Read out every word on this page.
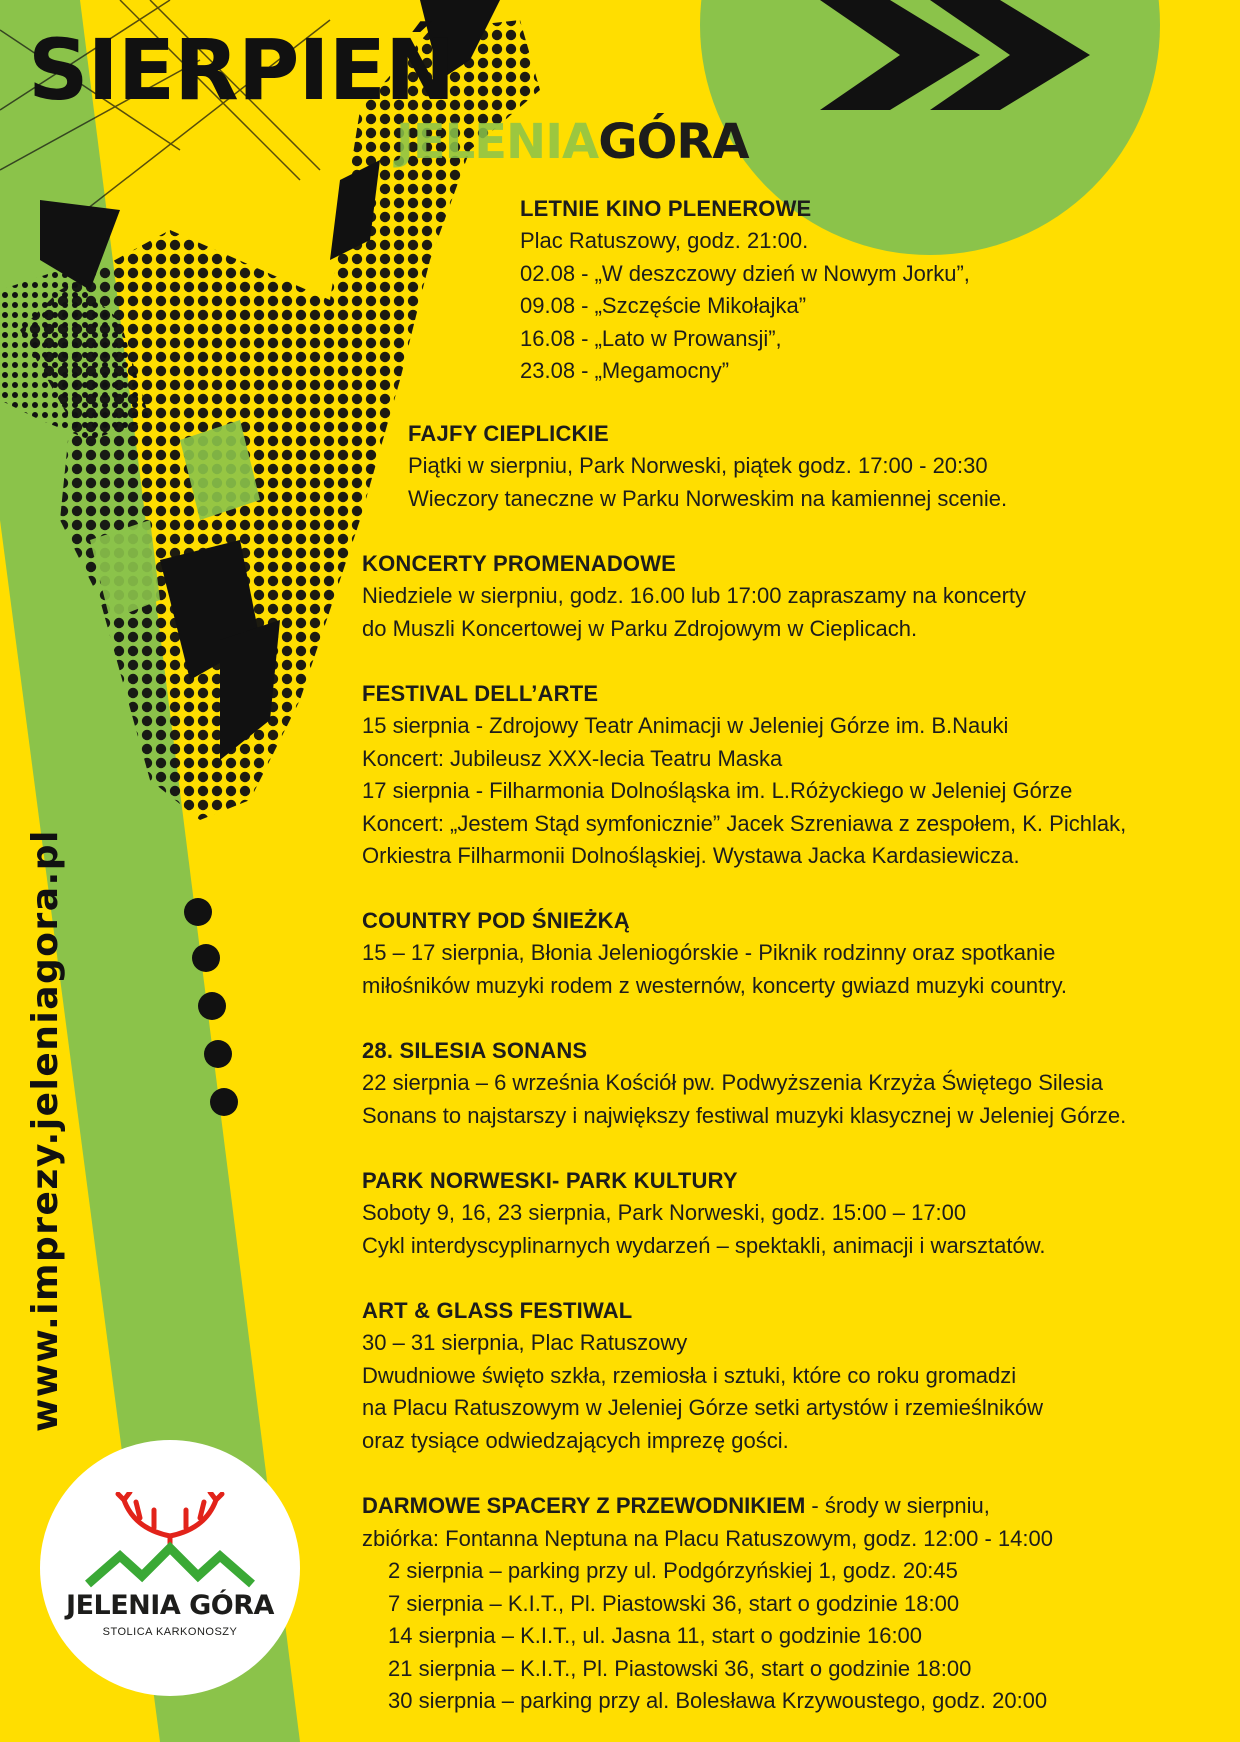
SIERPIEŃ
JELENIAGÓRA
www.imprezy.jeleniagora.pl
LETNIE KINO PLENEROWE

Plac Ratuszowy, godz. 21:00.

02.08 - „W deszczowy dzień w Nowym Jorku”,

09.08 - „Szczęście Mikołajka”

16.08 - „Lato w Prowansji”,

23.08 - „Megamocny”

FAJFY CIEPLICKIE

Piątki w sierpniu, Park Norweski, piątek godz. 17:00 - 20:30

Wieczory taneczne w Parku Norweskim na kamiennej scenie.

KONCERTY PROMENADOWE

Niedziele w sierpniu, godz. 16.00 lub 17:00 zapraszamy na koncerty

do Muszli Koncertowej w Parku Zdrojowym w Cieplicach.

FESTIVAL DELL’ARTE

15 sierpnia - Zdrojowy Teatr Animacji w Jeleniej Górze im. B.Nauki

Koncert: Jubileusz XXX-lecia Teatru Maska

17 sierpnia - Filharmonia Dolnośląska im. L.Różyckiego w Jeleniej Górze

Koncert: „Jestem Stąd symfonicznie” Jacek Szreniawa z zespołem, K. Pichlak,

Orkiestra Filharmonii Dolnośląskiej. Wystawa Jacka Kardasiewicza.

COUNTRY POD ŚNIEŻKĄ

15 – 17 sierpnia, Błonia Jeleniogórskie - Piknik rodzinny oraz spotkanie

miłośników muzyki rodem z westernów, koncerty gwiazd muzyki country.

28. SILESIA SONANS

22 sierpnia – 6 września Kościół pw. Podwyższenia Krzyża Świętego Silesia

Sonans to najstarszy i największy festiwal muzyki klasycznej w Jeleniej Górze.

PARK NORWESKI- PARK KULTURY

Soboty 9, 16, 23 sierpnia, Park Norweski, godz. 15:00 – 17:00

Cykl interdyscyplinarnych wydarzeń – spektakli, animacji i warsztatów.

ART & GLASS FESTIWAL

30 – 31 sierpnia, Plac Ratuszowy

Dwudniowe święto szkła, rzemiosła i sztuki, które co roku gromadzi

na Placu Ratuszowym w Jeleniej Górze setki artystów i rzemieślników

oraz tysiące odwiedzających imprezę gości.

DARMOWE SPACERY Z PRZEWODNIKIEM - środy w sierpniu,

zbiórka: Fontanna Neptuna na Placu Ratuszowym, godz. 12:00 - 14:00

2 sierpnia – parking przy ul. Podgórzyńskiej 1, godz. 20:45

7 sierpnia – K.I.T., Pl. Piastowski 36, start o godzinie 18:00

14 sierpnia – K.I.T., ul. Jasna 11, start o godzinie 16:00

21 sierpnia – K.I.T., Pl. Piastowski 36, start o godzinie 18:00

30 sierpnia – parking przy al. Bolesława Krzywoustego, godz. 20:00

JELENIA GÓRA
STOLICA KARKONOSZY
